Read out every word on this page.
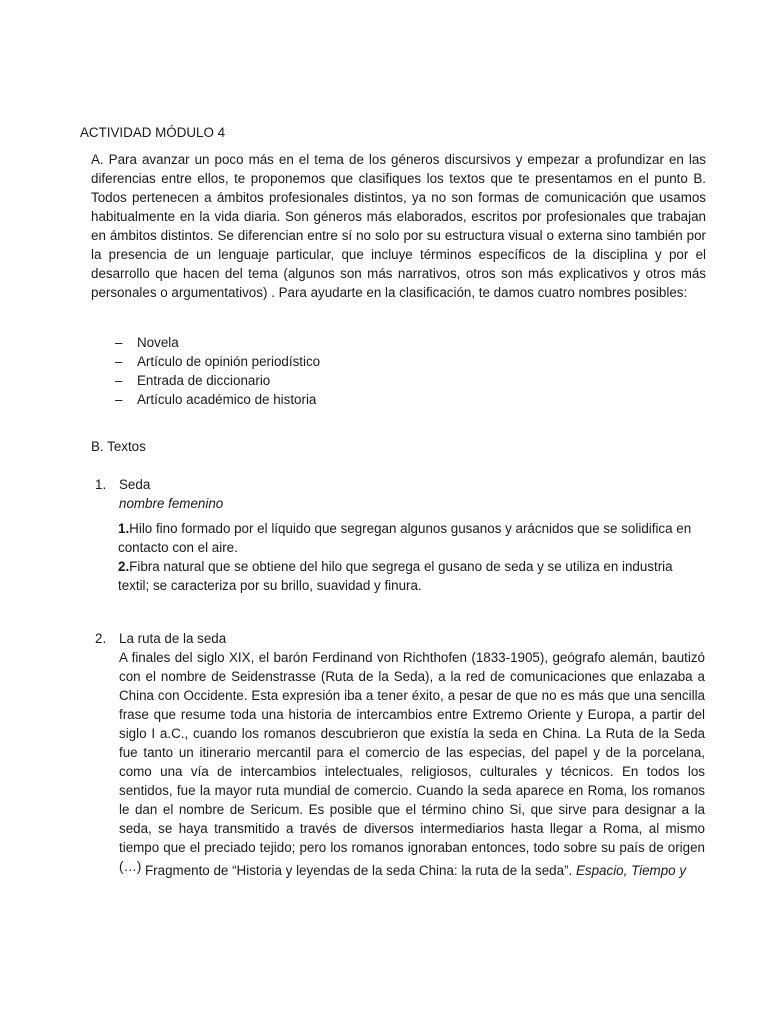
ACTIVIDAD MÓDULO 4

A. Para avanzar un poco más en el tema de los géneros discursivos y empezar a profundizar en las diferencias entre ellos, te proponemos que clasifiques los textos que te presentamos en el punto B. Todos pertenecen a ámbitos profesionales distintos, ya no son formas de comunicación que usamos habitualmente en la vida diaria. Son géneros más elaborados, escritos por profesionales que trabajan en ámbitos distintos. Se diferencian entre sí no solo por su estructura visual o externa sino también por la presencia de un lenguaje particular, que incluye términos específicos de la disciplina y por el desarrollo que hacen del tema (algunos son más narrativos, otros son más explicativos y otros más personales o argumentativos) . Para ayudarte en la clasificación, te damos cuatro nombres posibles:

– Novela
– Artículo de opinión periodístico
– Entrada de diccionario
– Artículo académico de historia
B. Textos
1. Seda
nombre femenino

1.Hilo fino formado por el líquido que segregan algunos gusanos y arácnidos que se solidifica en contacto con el aire.

2.Fibra natural que se obtiene del hilo que segrega el gusano de seda y se utiliza en industria textil; se caracteriza por su brillo, suavidad y finura.

2. La ruta de la seda

A finales del siglo XIX, el barón Ferdinand von Richthofen (1833-1905), geógrafo alemán, bautizó con el nombre de Seidenstrasse (Ruta de la Seda), a la red de comunicaciones que enlazaba a China con Occidente. Esta expresión iba a tener éxito, a pesar de que no es más que una sencilla frase que resume toda una historia de intercambios entre Extremo Oriente y Europa, a partir del siglo I a.C., cuando los romanos descubrieron que existía la seda en China. La Ruta de la Seda fue tanto un itinerario mercantil para el comercio de las especias, del papel y de la porcelana, como una vía de intercambios intelectuales, religiosos, culturales y técnicos. En todos los sentidos, fue la mayor ruta mundial de comercio. Cuando la seda aparece en Roma, los romanos le dan el nombre de Sericum. Es posible que el término chino Si, que sirve para designar a la seda, se haya transmitido a través de diversos intermediarios hasta llegar a Roma, al mismo tiempo que el preciado tejido; pero los romanos ignoraban entonces, todo sobre su país de origen (…) Fragmento de “Historia y leyendas de la seda China: la ruta de la seda”. Espacio, Tiempo y
